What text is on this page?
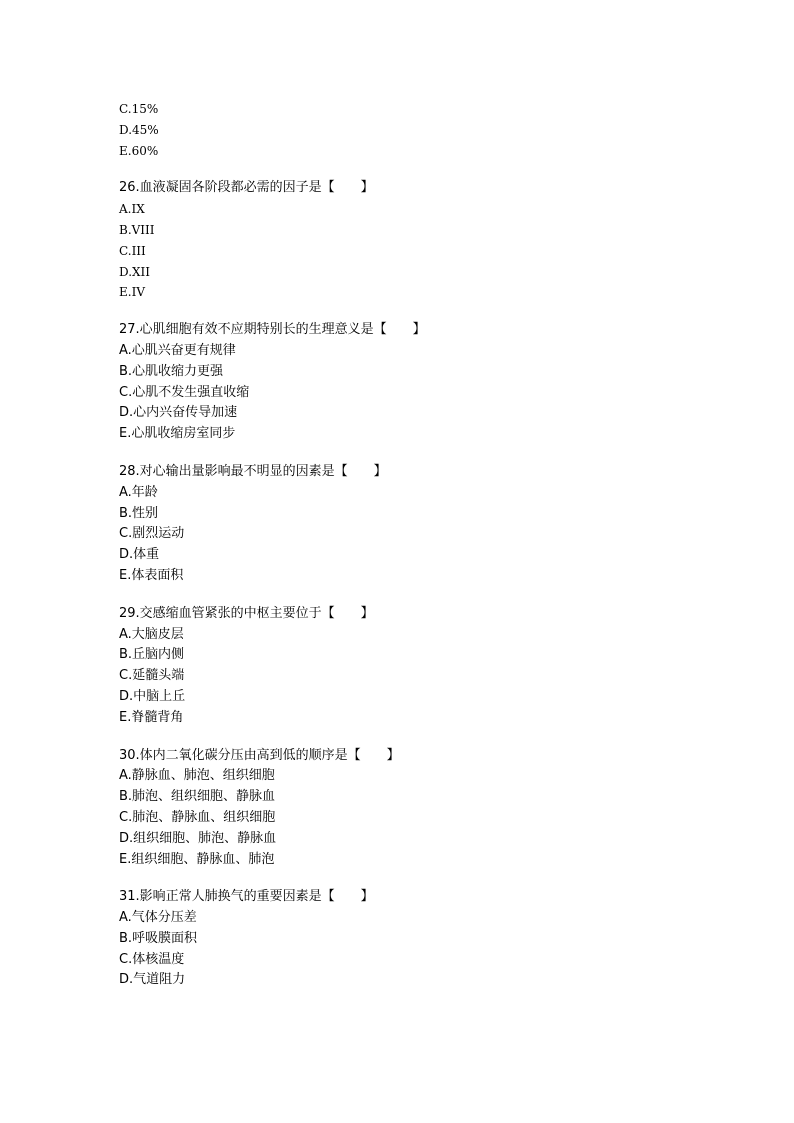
C.15%
D.45%
E.60%
26.血液凝固各阶段都必需的因子是【　　】
A.IX
B.VIII
C.III
D.XII
E.IV
27.心肌细胞有效不应期特别长的生理意义是【　　】
A.心肌兴奋更有规律
B.心肌收缩力更强
C.心肌不发生强直收缩
D.心内兴奋传导加速
E.心肌收缩房室同步
28.对心输出量影响最不明显的因素是【　　】
A.年龄
B.性别
C.剧烈运动
D.体重
E.体表面积
29.交感缩血管紧张的中枢主要位于【　　】
A.大脑皮层
B.丘脑内侧
C.延髓头端
D.中脑上丘
E.脊髓背角
30.体内二氧化碳分压由高到低的顺序是【　　】
A.静脉血、肺泡、组织细胞
B.肺泡、组织细胞、静脉血
C.肺泡、静脉血、组织细胞
D.组织细胞、肺泡、静脉血
E.组织细胞、静脉血、肺泡
31.影响正常人肺换气的重要因素是【　　】
A.气体分压差
B.呼吸膜面积
C.体核温度
D.气道阻力
